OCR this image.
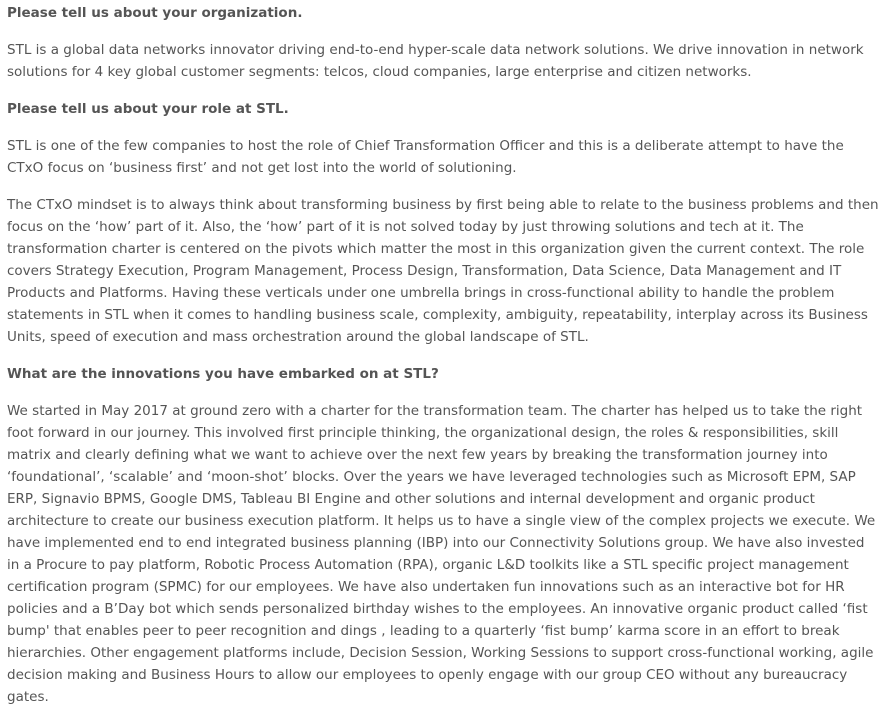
Please tell us about your organization.

STL is a global data networks innovator driving end-to-end hyper-scale data network solutions. We drive innovation in network solutions for 4 key global customer segments: telcos, cloud companies, large enterprise and citizen networks.

Please tell us about your role at STL.

STL is one of the few companies to host the role of Chief Transformation Officer and this is a deliberate attempt to have the CTxO focus on ‘business first’ and not get lost into the world of solutioning.

The CTxO mindset is to always think about transforming business by first being able to relate to the business problems and then focus on the ‘how’ part of it. Also, the ‘how’ part of it is not solved today by just throwing solutions and tech at it. The transformation charter is centered on the pivots which matter the most in this organization given the current context. The role covers Strategy Execution, Program Management, Process Design, Transformation, Data Science, Data Management and IT Products and Platforms. Having these verticals under one umbrella brings in cross-functional ability to handle the problem statements in STL when it comes to handling business scale, complexity, ambiguity, repeatability, interplay across its Business Units, speed of execution and mass orchestration around the global landscape of STL.

What are the innovations you have embarked on at STL?

We started in May 2017 at ground zero with a charter for the transformation team. The charter has helped us to take the right foot forward in our journey. This involved first principle thinking, the organizational design, the roles & responsibilities, skill matrix and clearly defining what we want to achieve over the next few years by breaking the transformation journey into ‘foundational’, ‘scalable’ and ‘moon-shot’ blocks. Over the years we have leveraged technologies such as Microsoft EPM, SAP ERP, Signavio BPMS, Google DMS, Tableau BI Engine and other solutions and internal development and organic product architecture to create our business execution platform. It helps us to have a single view of the complex projects we execute. We have implemented end to end integrated business planning (IBP) into our Connectivity Solutions group. We have also invested in a Procure to pay platform, Robotic Process Automation (RPA), organic L&D toolkits like a STL specific project management certification program (SPMC) for our employees. We have also undertaken fun innovations such as an interactive bot for HR policies and a B’Day bot which sends personalized birthday wishes to the employees. An innovative organic product called ‘fist bump' that enables peer to peer recognition and dings , leading to a quarterly ‘fist bump’ karma score in an effort to break hierarchies. Other engagement platforms include, Decision Session, Working Sessions to support cross-functional working, agile decision making and Business Hours to allow our employees to openly engage with our group CEO without any bureaucracy gates.
